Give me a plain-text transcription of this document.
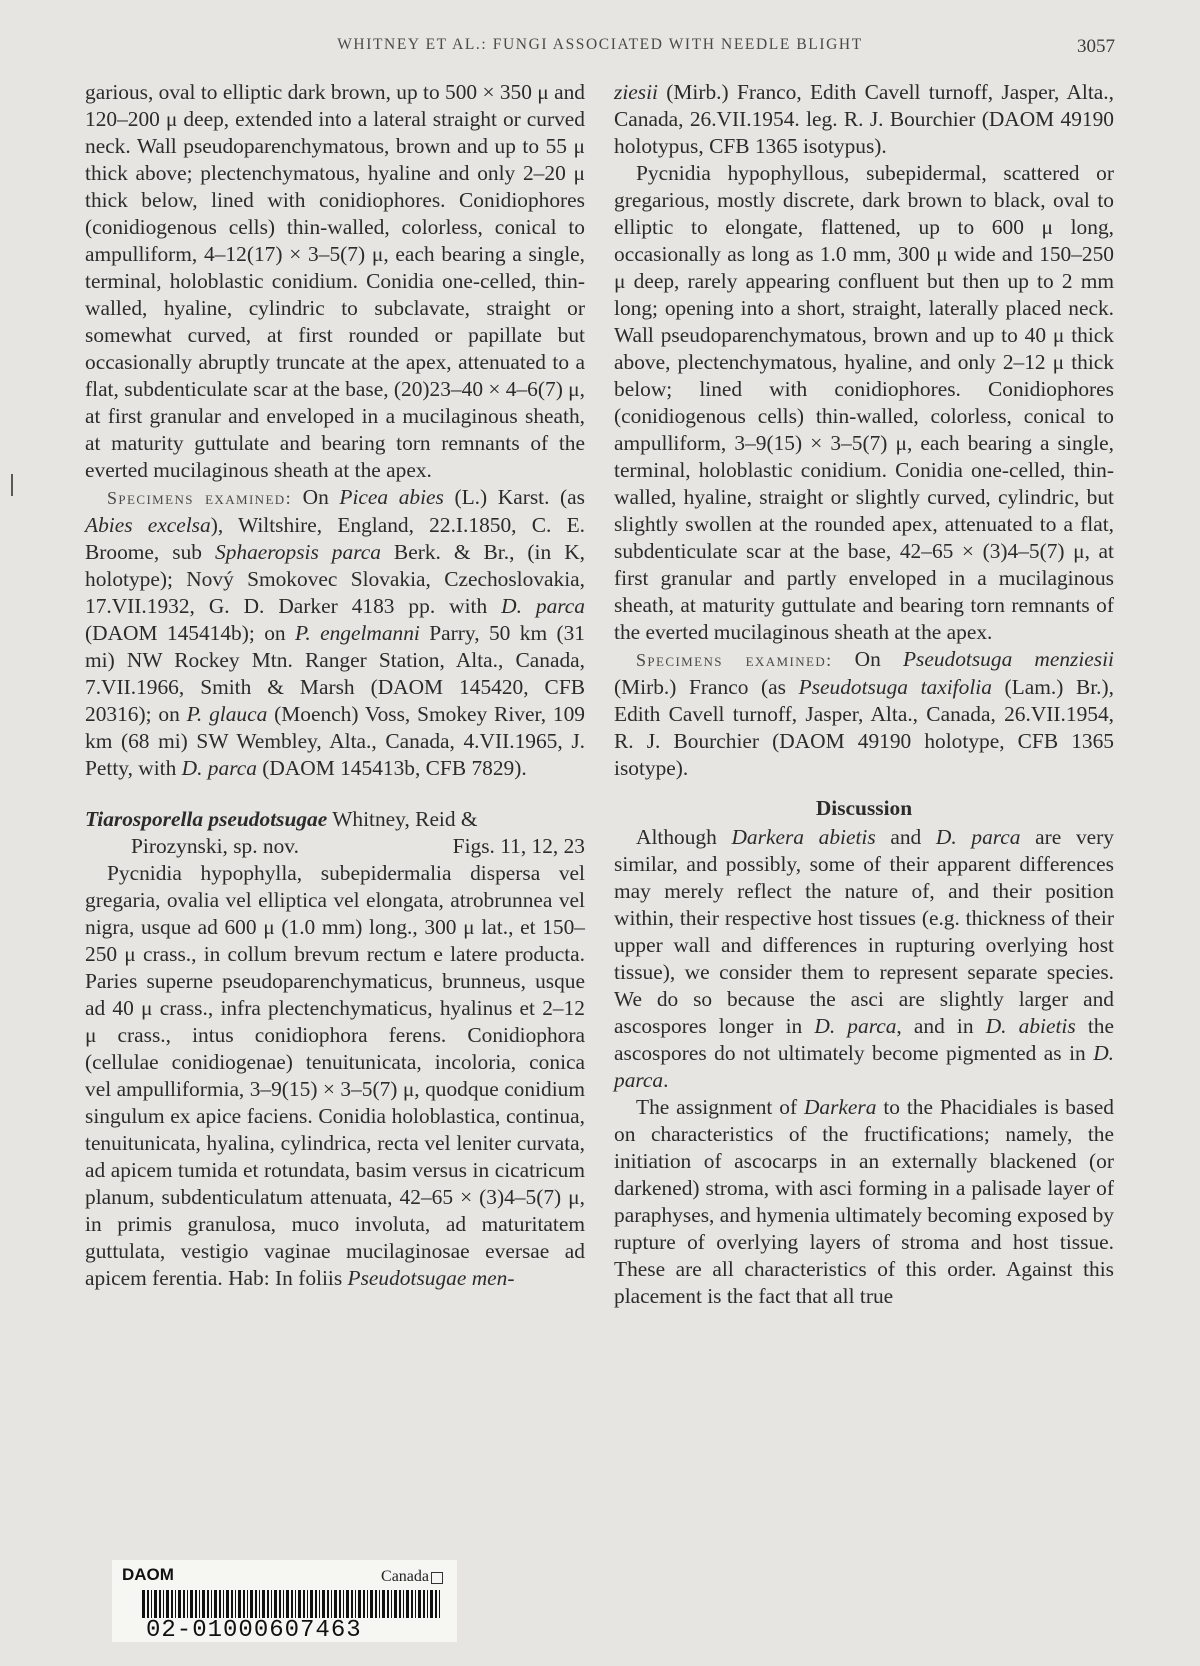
WHITNEY ET AL.: FUNGI ASSOCIATED WITH NEEDLE BLIGHT	3057

garious, oval to elliptic dark brown, up to 500 × 350 μ and 120–200 μ deep, extended into a lateral straight or curved neck. Wall pseudoparenchymatous, brown and up to 55 μ thick above; plectenchymatous, hyaline and only 2–20 μ thick below, lined with conidiophores. Conidiophores (conidiogenous cells) thin-walled, colorless, conical to ampulliform, 4–12(17) × 3–5(7) μ, each bearing a single, terminal, holoblastic conidium. Conidia one-celled, thin-walled, hyaline, cylindric to subclavate, straight or somewhat curved, at first rounded or papillate but occasionally abruptly truncate at the apex, attenuated to a flat, subdenticulate scar at the base, (20)23–40 × 4–6(7) μ, at first granular and enveloped in a mucilaginous sheath, at maturity guttulate and bearing torn remnants of the everted mucilaginous sheath at the apex.

Specimens examined: On Picea abies (L.) Karst. (as Abies excelsa), Wiltshire, England, 22.I.1850, C. E. Broome, sub Sphaeropsis parca Berk. & Br., (in K, holotype); Nový Smokovec Slovakia, Czechoslovakia, 17.VII.1932, G. D. Darker 4183 pp. with D. parca (DAOM 145414b); on P. engelmanni Parry, 50 km (31 mi) NW Rockey Mtn. Ranger Station, Alta., Canada, 7.VII.1966, Smith & Marsh (DAOM 145420, CFB 20316); on P. glauca (Moench) Voss, Smokey River, 109 km (68 mi) SW Wembley, Alta., Canada, 4.VII.1965, J. Petty, with D. parca (DAOM 145413b, CFB 7829).

Tiarosporella pseudotsugae Whitney, Reid &

Pirozynski, sp. nov.	Figs. 11, 12, 23

Pycnidia hypophylla, subepidermalia dispersa vel gregaria, ovalia vel elliptica vel elongata, atrobrunnea vel nigra, usque ad 600 μ (1.0 mm) long., 300 μ lat., et 150–250 μ crass., in collum brevum rectum e latere producta. Paries superne pseudoparenchymaticus, brunneus, usque ad 40 μ crass., infra plectenchymaticus, hyalinus et 2–12 μ crass., intus conidiophora ferens. Conidiophora (cellulae conidiogenae) tenuitunicata, incoloria, conica vel ampulliformia, 3–9(15) × 3–5(7) μ, quodque conidium singulum ex apice faciens. Conidia holoblastica, continua, tenuitunicata, hyalina, cylindrica, recta vel leniter curvata, ad apicem tumida et rotundata, basim versus in cicatricum planum, subdenticulatum attenuata, 42–65 × (3)4–5(7) μ, in primis granulosa, muco involuta, ad maturitatem guttulata, vestigio vaginae mucilaginosae eversae ad apicem ferentia. Hab: In foliis Pseudotsugae men-

ziesii (Mirb.) Franco, Edith Cavell turnoff, Jasper, Alta., Canada, 26.VII.1954. leg. R. J. Bourchier (DAOM 49190 holotypus, CFB 1365 isotypus).

Pycnidia hypophyllous, subepidermal, scattered or gregarious, mostly discrete, dark brown to black, oval to elliptic to elongate, flattened, up to 600 μ long, occasionally as long as 1.0 mm, 300 μ wide and 150–250 μ deep, rarely appearing confluent but then up to 2 mm long; opening into a short, straight, laterally placed neck. Wall pseudoparenchymatous, brown and up to 40 μ thick above, plectenchymatous, hyaline, and only 2–12 μ thick below; lined with conidiophores. Conidiophores (conidiogenous cells) thin-walled, colorless, conical to ampulliform, 3–9(15) × 3–5(7) μ, each bearing a single, terminal, holoblastic conidium. Conidia one-celled, thin-walled, hyaline, straight or slightly curved, cylindric, but slightly swollen at the rounded apex, attenuated to a flat, subdenticulate scar at the base, 42–65 × (3)4–5(7) μ, at first granular and partly enveloped in a mucilaginous sheath, at maturity guttulate and bearing torn remnants of the everted mucilaginous sheath at the apex.

Specimens examined: On Pseudotsuga menziesii (Mirb.) Franco (as Pseudotsuga taxifolia (Lam.) Br.), Edith Cavell turnoff, Jasper, Alta., Canada, 26.VII.1954, R. J. Bourchier (DAOM 49190 holotype, CFB 1365 isotype).

Discussion

Although Darkera abietis and D. parca are very similar, and possibly, some of their apparent differences may merely reflect the nature of, and their position within, their respective host tissues (e.g. thickness of their upper wall and differences in rupturing overlying host tissue), we consider them to represent separate species. We do so because the asci are slightly larger and ascospores longer in D. parca, and in D. abietis the ascospores do not ultimately become pigmented as in D. parca.

The assignment of Darkera to the Phacidiales is based on characteristics of the fructifications; namely, the initiation of ascocarps in an externally blackened (or darkened) stroma, with asci forming in a palisade layer of paraphyses, and hymenia ultimately becoming exposed by rupture of overlying layers of stroma and host tissue. These are all characteristics of this order. Against this placement is the fact that all true

DAOM	Canada
02-01000607463
